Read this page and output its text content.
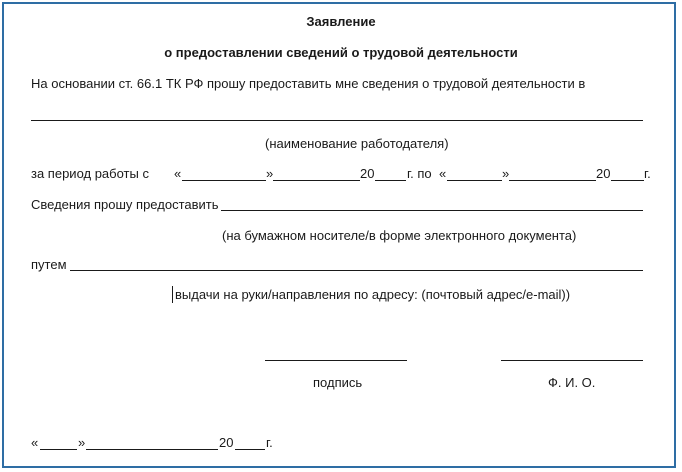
Заявление
о предоставлении сведений о трудовой деятельности
На основании ст. 66.1 ТК РФ прошу предоставить мне сведения о трудовой деятельности в
(наименование работодателя)
за период работы с «	»	20	г. по «	»	20	г.
Сведения прошу предоставить
(на бумажном носителе/в форме электронного документа)
путем
выдачи на руки/направления по адресу: (почтовый адрес/e-mail))
подпись	Ф. И. О.
«	»	20	г.
